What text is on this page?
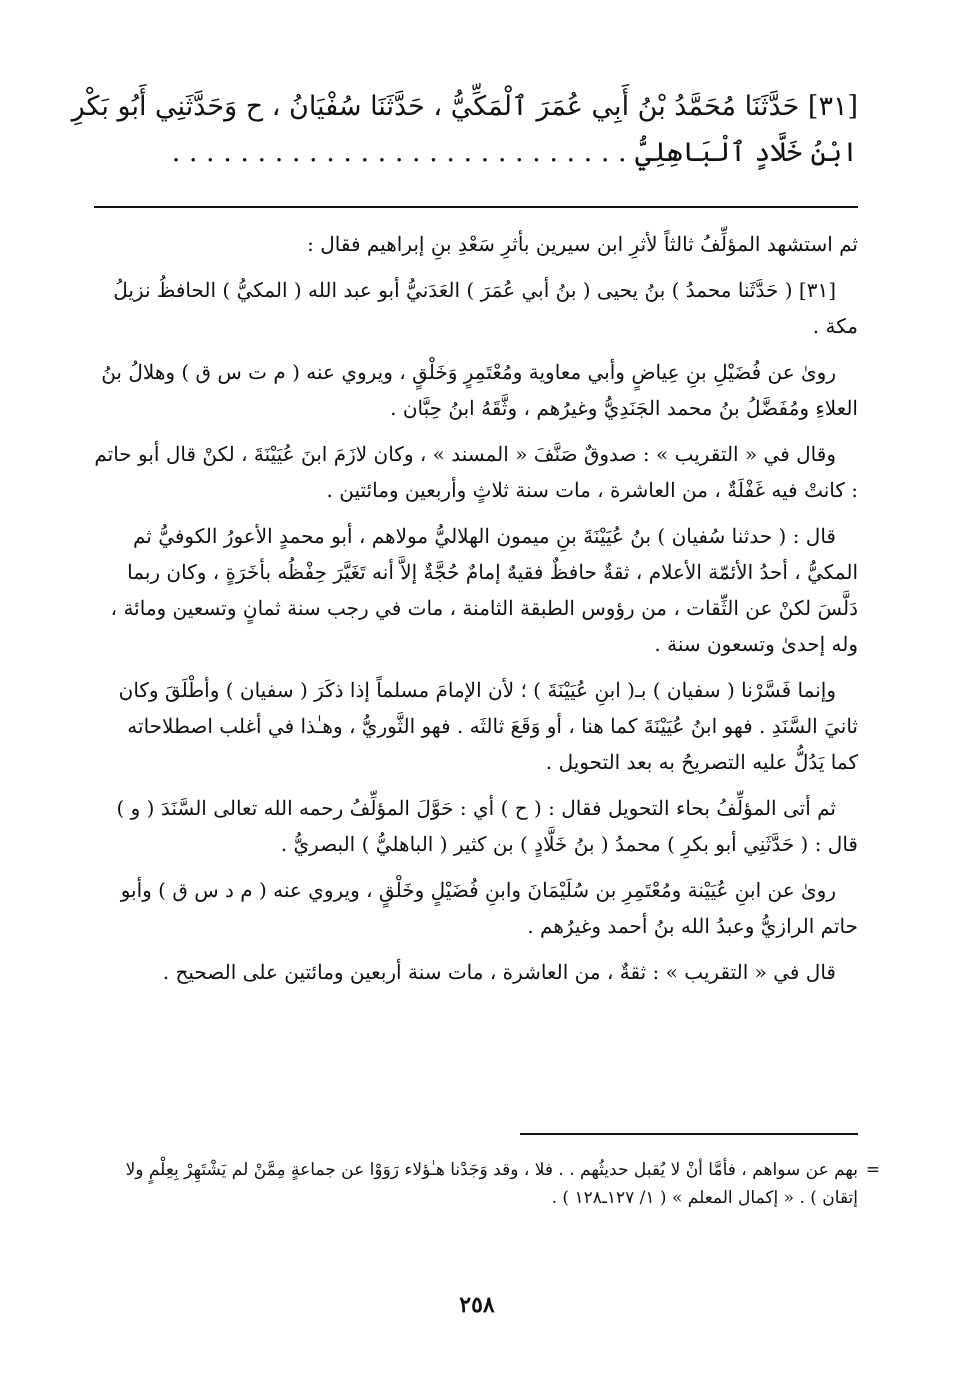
[٣١] حَدَّثَنَا مُحَمَّدُ بْنُ أَبِي عُمَرَ ٱلْمَكِّيُّ ، حَدَّثَنَا سُفْيَانُ ، ح وَحَدَّثَنِي أَبُو بَكْرِ
ابْنُ خَلَّادٍ ٱلْبَاهِلِيُّ . . . . . . . . . . . . . . . . . . . . . . . . . . .

ثم استشهد المؤلِّفُ ثالثاً لأثرِ ابن سيرين بأثرِ سَعْدِ بنِ إبراهيم فقال :

[٣١] ( حَدَّثَنا محمدُ ) بنُ يحيى ( بنُ أبي عُمَرَ ) العَدَنيُّ أبو عبد الله ( المكيُّ ) الحافظُ نزيلُ مكة .

روىٰ عن فُضَيْلِ بنِ عِياضٍ وأبي معاوية ومُعْتَمِرٍ وَخَلْقٍ ، ويروي عنه ( م ت س ق ) وهلالُ بنُ العلاءِ ومُفَضَّلُ بنُ محمد الجَنَدِيُّ وغيرُهم ، وثَّقَهُ ابنُ حِبَّان .

وقال في « التقريب » : صدوقٌ صَنَّفَ « المسند » ، وكان لازَمَ ابنَ عُيَيْنَةَ ، لكنْ قال أبو حاتم : كانتْ فيه غَفْلَةٌ ، من العاشرة ، مات سنة ثلاثٍ وأربعين ومائتين .

قال : ( حدثنا سُفيان ) بنُ عُيَيْنَةَ بنِ ميمون الهلاليُّ مولاهم ، أبو محمدٍ الأعورُ الكوفيُّ ثم المكيُّ ، أحدُ الأئمّة الأعلام ، ثقةٌ حافظٌ فقيهٌ إمامٌ حُجَّةٌ إلاَّ أنه تَغَيَّرَ حِفْظُه بأخَرَةٍ ، وكان ربما دَلَّسَ لكنْ عن الثِّقات ، من رؤوس الطبقة الثامنة ، مات في رجب سنة ثمانٍ وتسعين ومائة ، وله إحدىٰ وتسعون سنة .

وإنما فَسَّرْنا ( سفيان ) بـ( ابنِ عُيَيْنَةَ ) ؛ لأن الإمامَ مسلماً إذا ذكَرَ ( سفيان ) وأطْلَقَ وكان ثانيَ السَّنَدِ . فهو ابنُ عُيَيْنَةَ كما هنا ، أو وَقَعَ ثالثَه . فهو الثَّوريُّ ، وهـٰذا في أغلب اصطلاحاته كما يَدُلُّ عليه التصريحُ به بعد التحويل .

ثم أتى المؤلِّفُ بحاء التحويل فقال : ( ح ) أي : حَوَّلَ المؤلِّفُ رحمه الله تعالى السَّنَدَ ( و ) قال : ( حَدَّثَنِي أبو بكرِ ) محمدُ ( بنُ خَلَّادٍ ) بن كثير ( الباهليُّ ) البصريُّ .

روىٰ عن ابنِ عُيَيْنة ومُعْتَمِرِ بن سُلَيْمَانَ وابنِ فُضَيْلٍ وخَلْقٍ ، ويروي عنه ( م د س ق ) وأبو حاتم الرازيُّ وعبدُ الله بنُ أحمد وغيرُهم .

قال في « التقريب » : ثقةٌ ، من العاشرة ، مات سنة أربعين ومائتين على الصحيح .

=
بهم عن سواهم ، فأمَّا أنْ لا يُقبل حديثُهم . . فلا ، وقد وَجَدْنا هـٰؤلاء رَوَوْا عن جماعةٍ مِمَّنْ لم يَشْتَهِرْ بِعِلْمٍ ولا إتقان ) . « إكمال المعلم » ( ١/ ١٢٧ـ١٢٨ ) .
٢٥٨
